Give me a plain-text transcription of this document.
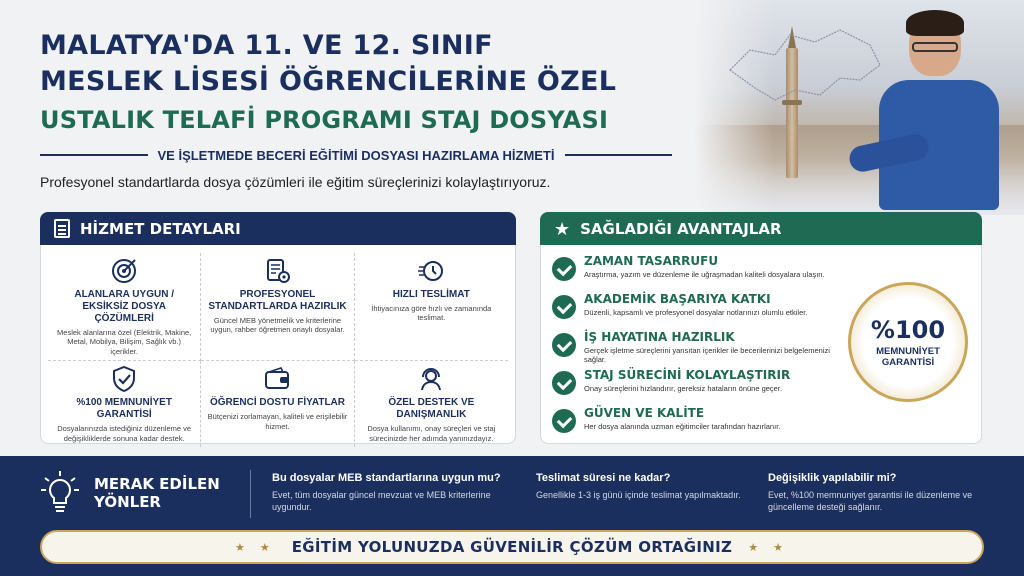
MALATYA'DA 11. VE 12. SINIF
MESLEK LİSESİ ÖĞRENCİLERİNE ÖZEL
USTALIK TELAFİ PROGRAMI STAJ DOSYASI
VE İŞLETMEDE BECERİ EĞİTİMİ DOSYASI HAZIRLAMA HİZMETİ
Profesyonel standartlarda dosya çözümleri ile eğitim süreçlerinizi kolaylaştırıyoruz.
HİZMET DETAYLARI
ALANLARA UYGUN / EKSİKSİZ DOSYA ÇÖZÜMLERİ
Meslek alanlarına özel (Elektrik, Makine, Metal, Mobilya, Bilişim, Sağlık vb.) içerikler.
PROFESYONEL STANDARTLARDA HAZIRLIK
Güncel MEB yönetmelik ve kriterlerine uygun, rahber öğretmen onaylı dosyalar.
HIZLI TESLİMAT
İhtiyacınıza göre hızlı ve zamanında teslimat.
%100 MEMNUNİYET GARANTİSİ
Dosyalarınızda istediğiniz düzenleme ve değişikliklerde sonuna kadar destek.
ÖĞRENCİ DOSTU FİYATLAR
Bütçenizi zorlamayan, kaliteli ve erişilebilir hizmet.
ÖZEL DESTEK VE DANIŞMANLIK
Dosya kullanımı, onay süreçleri ve staj sürecinizde her adımda yanınızdayız.
★ SAĞLADIĞI AVANTAJLAR
ZAMAN TASARRUFU
Araştırma, yazım ve düzenleme ile uğraşmadan kaliteli dosyalara ulaşın.
AKADEMİK BAŞARIYA KATKI
Düzenli, kapsamlı ve profesyonel dosyalar notlarınızı olumlu etkiler.
İŞ HAYATINA HAZIRLIK
Gerçek işletme süreçlerini yansıtan içerikler ile becerilerinizi belgelemenizi sağlar.
STAJ SÜRECİNİ KOLAYLAŞTIRIR
Onay süreçlerini hızlandırır, gereksiz hataların önüne geçer.
GÜVEN VE KALİTE
Her dosya alanında uzman eğitimciler tarafından hazırlanır.
%100
MEMNUNİYET GARANTİSİ
MERAK EDİLEN YÖNLER
Bu dosyalar MEB standartlarına uygun mu?
Evet, tüm dosyalar güncel mevzuat ve MEB kriterlerine uygundur.
Teslimat süresi ne kadar?
Genellikle 1-3 iş günü içinde teslimat yapılmaktadır.
Değişiklik yapılabilir mi?
Evet, %100 memnuniyet garantisi ile düzenleme ve güncelleme desteği sağlanır.
★ ★ EĞİTİM YOLUNUZDA GÜVENİLİR ÇÖZÜM ORTAĞINIZ ★ ★
